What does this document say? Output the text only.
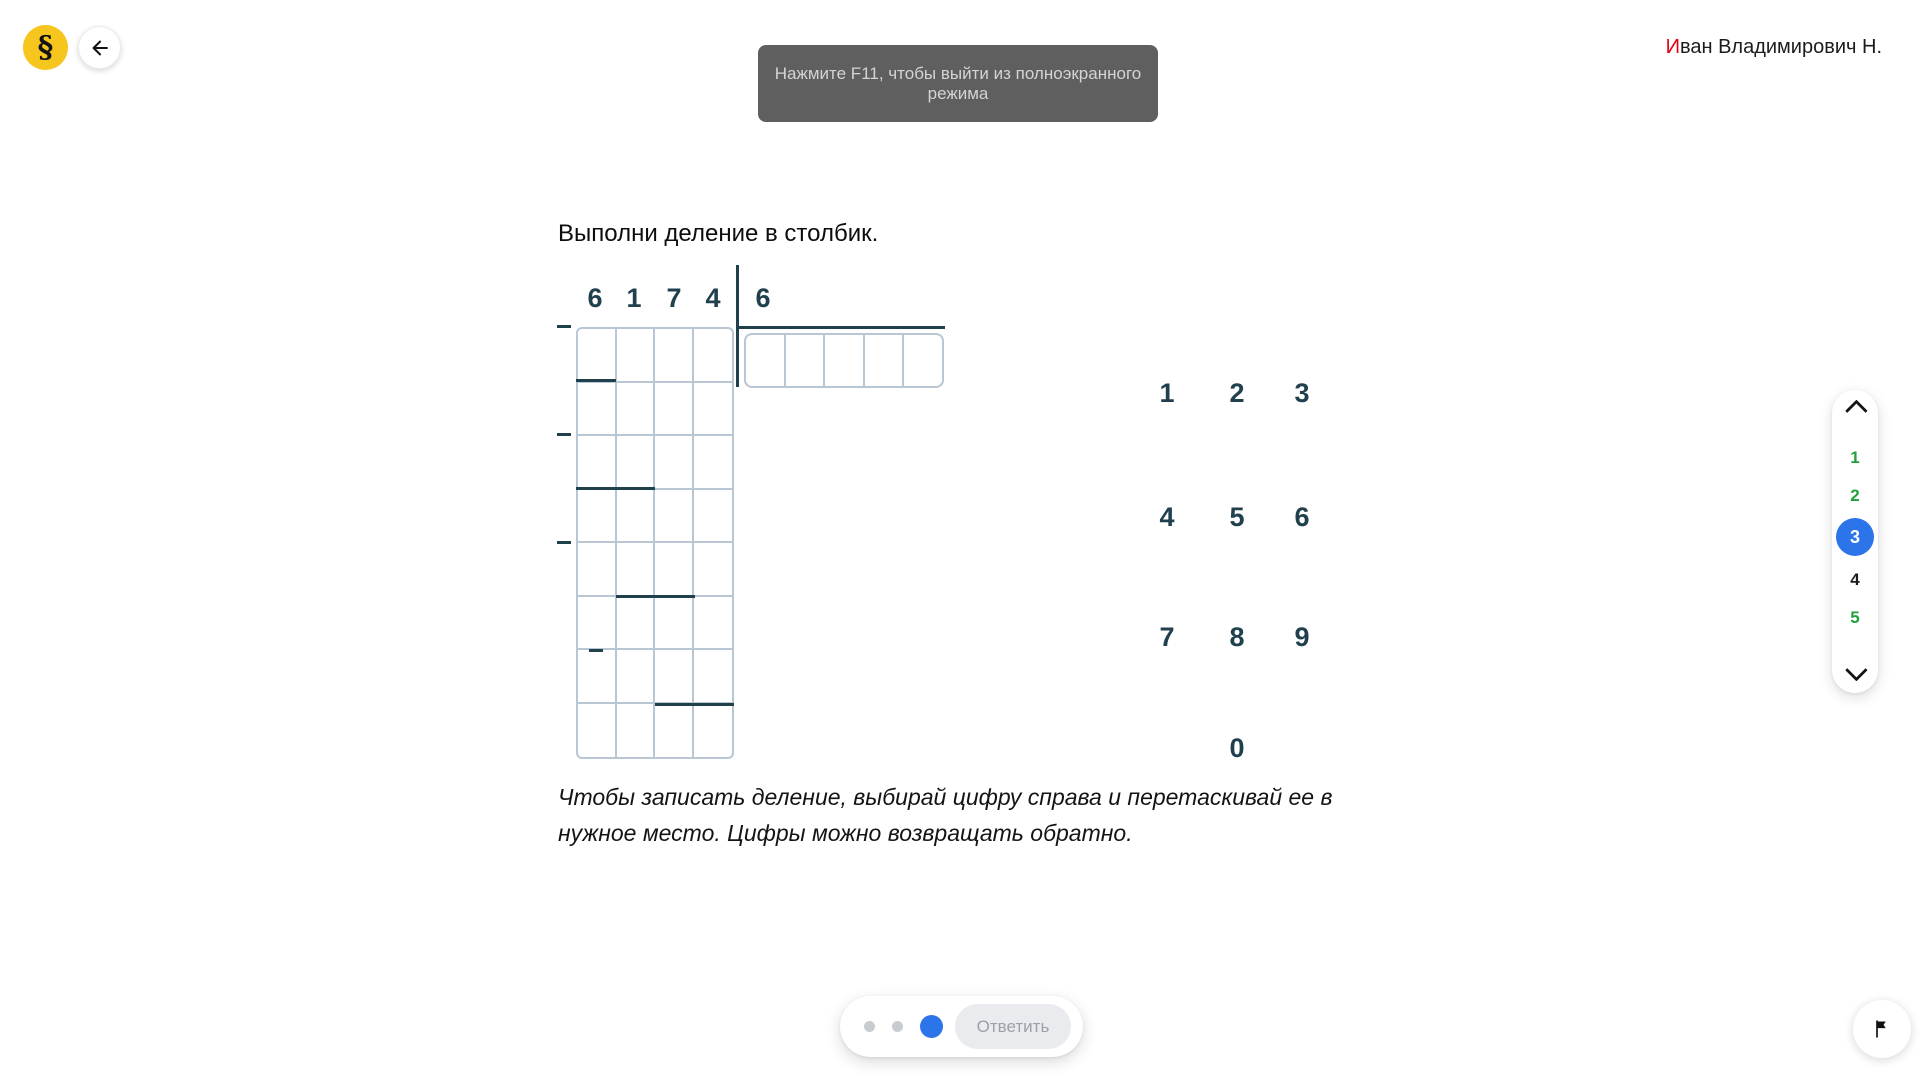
§
Нажмите F11, чтобы выйти из полноэкранного режима
Иван Владимирович Н.
Выполни деление в столбик.
6 1 7 4	6
1	2	3
4	5	6
7	8	9
0
1
2
3
4
5

Чтобы записать деление, выбирай цифру справа и перетаскивай ее в нужное место. Цифры можно возвращать обратно.

Ответить
